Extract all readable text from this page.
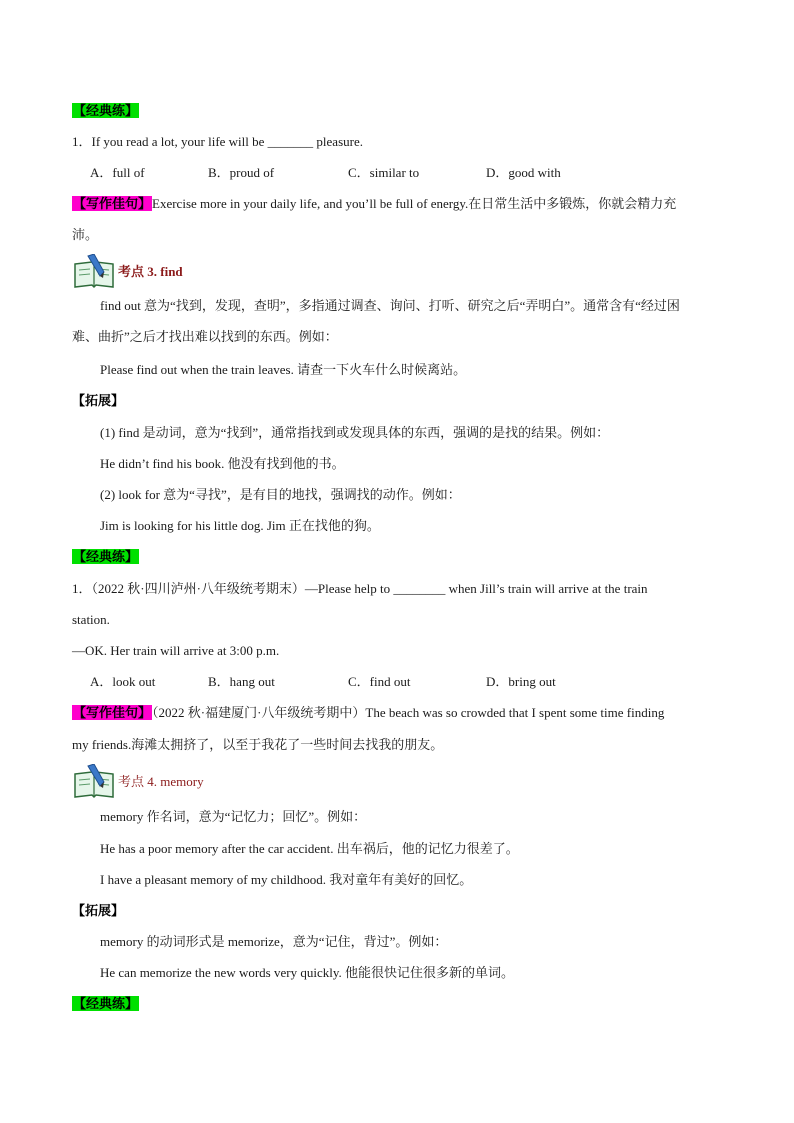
【经典练】
1．If you read a lot, your life will be _______ pleasure.
A．full of	B．proud of	C．similar to	D．good with
【写作佳句】Exercise more in your daily life, and you’ll be full of energy.在日常生活中多锻炼，你就会精力充
沛。
考点 3. find
find out 意为“找到，发现，查明”，多指通过调查、询问、打听、研究之后“弄明白”。通常含有“经过困
难、曲折”之后才找出难以找到的东西。例如：
Please find out when the train leaves. 请查一下火车什么时候离站。
【拓展】
(1) find 是动词，意为“找到”，通常指找到或发现具体的东西，强调的是找的结果。例如：
He didn’t find his book. 他没有找到他的书。
(2) look for 意为“寻找”，是有目的地找，强调找的动作。例如：
Jim is looking for his little dog. Jim 正在找他的狗。
【经典练】
1．（2022 秋·四川泸州·八年级统考期末）—Please help to ________ when Jill’s train will arrive at the train
station.
—OK. Her train will arrive at 3:00 p.m.
A．look out	B．hang out	C．find out	D．bring out
【写作佳句】（2022 秋·福建厦门·八年级统考期中）The beach was so crowded that I spent some time finding
my friends.海滩太拥挤了，以至于我花了一些时间去找我的朋友。
考点 4. memory
memory 作名词，意为“记忆力；回忆”。例如：
He has a poor memory after the car accident. 出车祸后，他的记忆力很差了。
I have a pleasant memory of my childhood. 我对童年有美好的回忆。
【拓展】
memory 的动词形式是 memorize，意为“记住，背过”。例如：
He can memorize the new words very quickly. 他能很快记住很多新的单词。
【经典练】
